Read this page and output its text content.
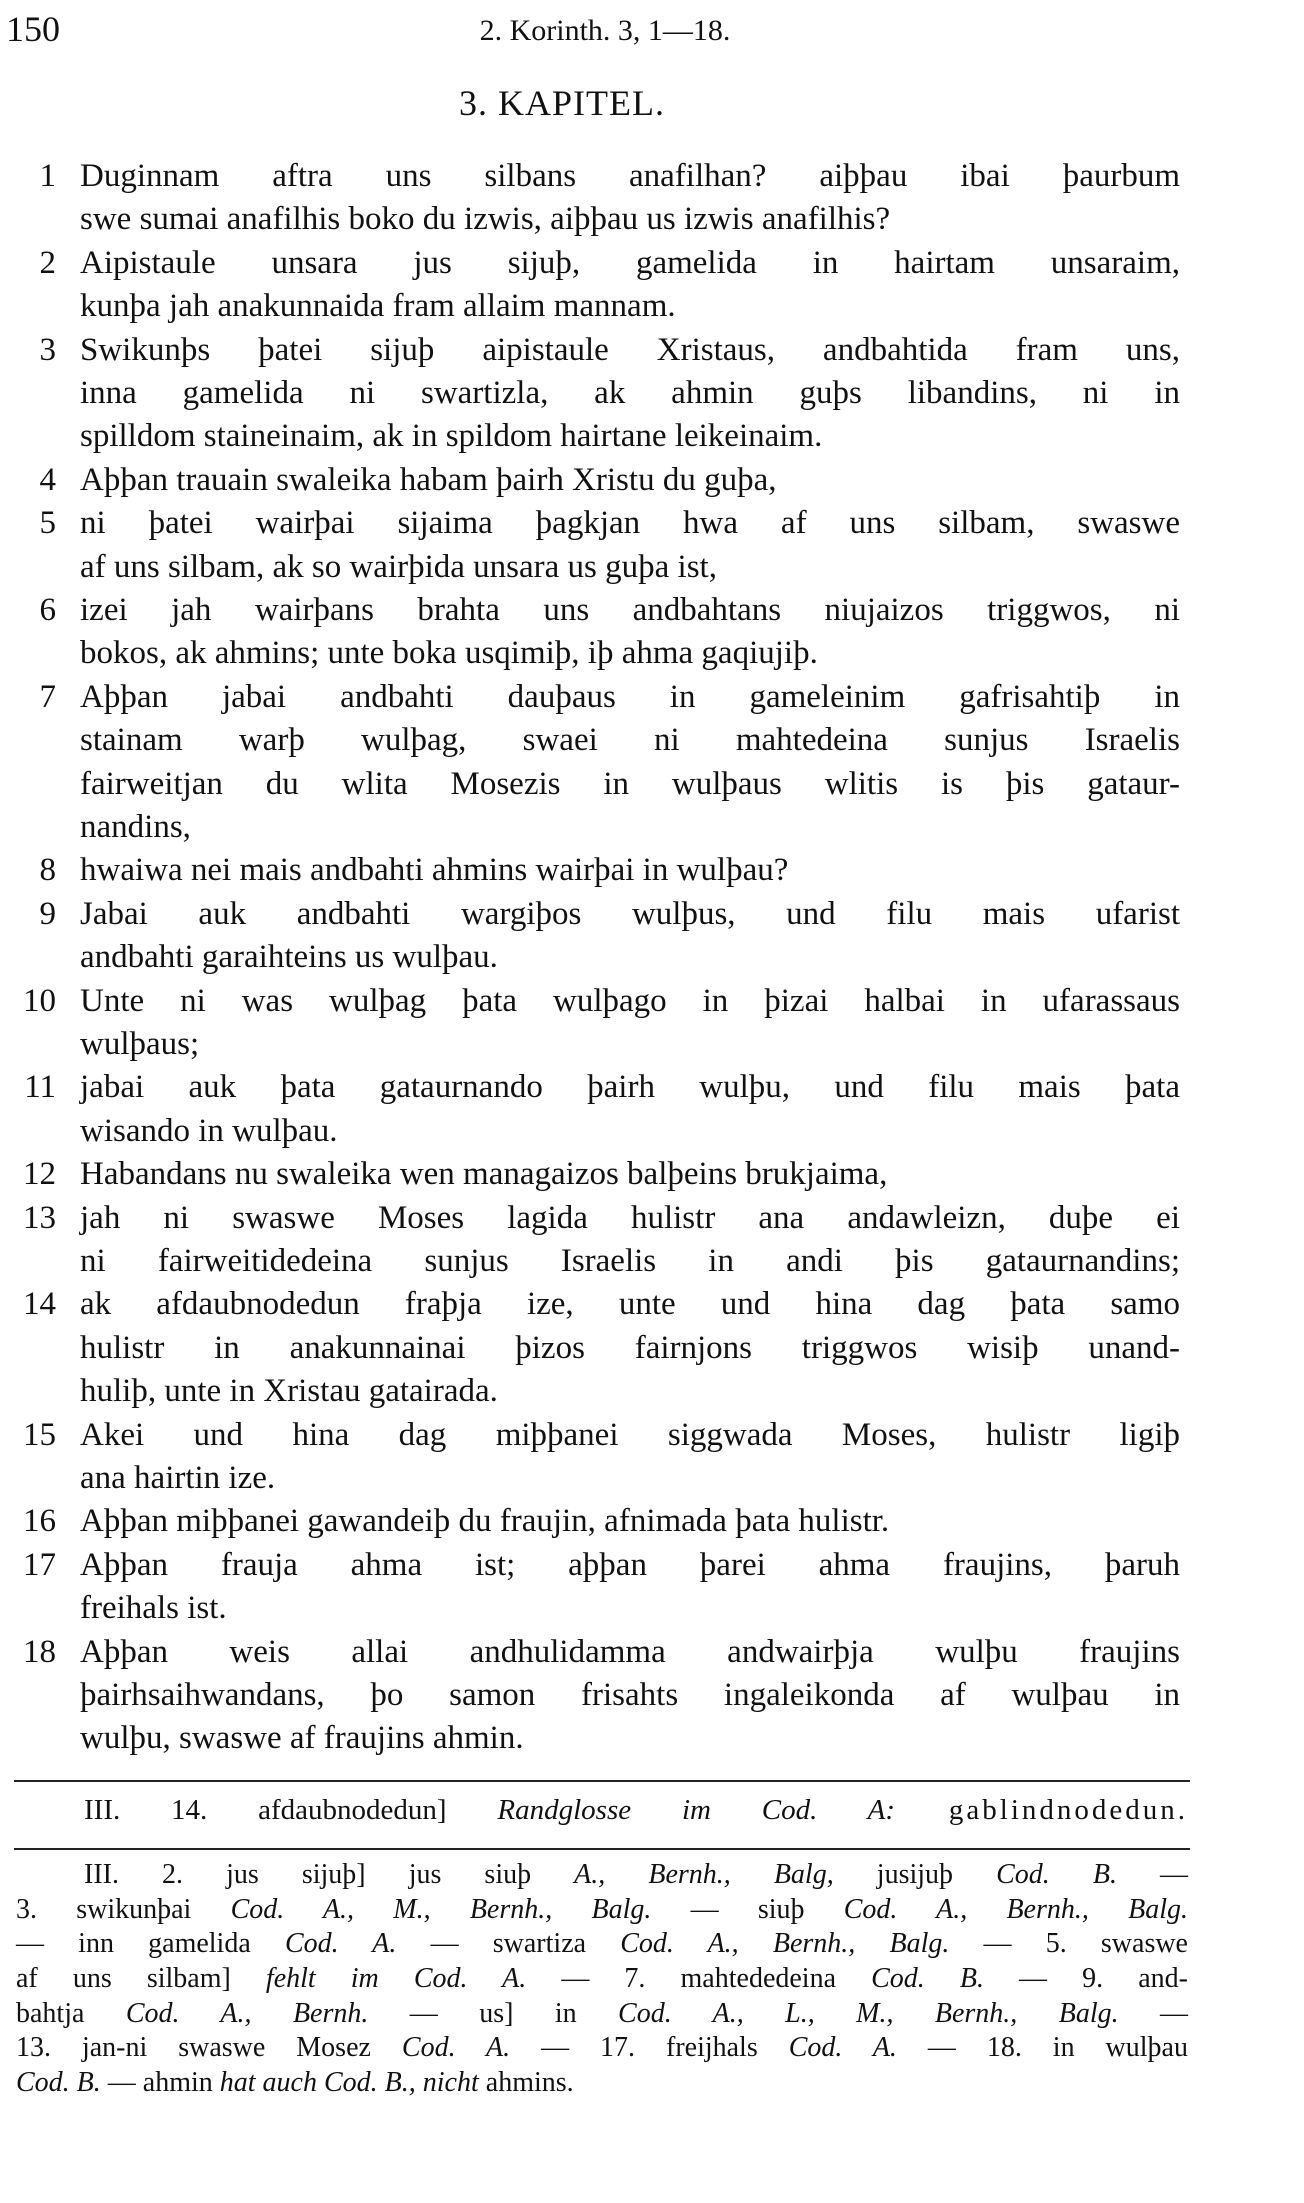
150	2. Korinth. 3, 1—18.
3. KAPITEL.
1 Duginnam aftra uns silbans anafilhan? aiþþau ibai þaurbum
swe sumai anafilhis boko du izwis, aiþþau us izwis anafilhis?
2 Aipistaule unsara jus sijuþ, gamelida in hairtam unsaraim,
kunþa jah anakunnaida fram allaim mannam.
3 Swikunþs þatei sijuþ aipistaule Xristaus, andbahtida fram uns,
inna gamelida ni swartizla, ak ahmin guþs libandins, ni in
spilldom staineinaim, ak in spildom hairtane leikeinaim.
4 Aþþan trauain swaleika habam þairh Xristu du guþa,
5 ni þatei wairþai sijaima þagkjan hwa af uns silbam, swaswe
af uns silbam, ak so wairþida unsara us guþa ist,
6 izei jah wairþans brahta uns andbahtans niujaizos triggwos, ni
bokos, ak ahmins; unte boka usqimiþ, iþ ahma gaqiujiþ.
7 Aþþan jabai andbahti dauþaus in gameleinim gafrisahtiþ in
stainam warþ wulþag, swaei ni mahtedeina sunjus Israelis
fairweitjan du wlita Mosezis in wulþaus wlitis is þis gataur-
nandins,
8 hwaiwa nei mais andbahti ahmins wairþai in wulþau?
9 Jabai auk andbahti wargiþos wulþus, und filu mais ufarist
andbahti garaihteins us wulþau.
10 Unte ni was wulþag þata wulþago in þizai halbai in ufarassaus
wulþaus;
11 jabai auk þata gataurnando þairh wulþu, und filu mais þata
wisando in wulþau.
12 Habandans nu swaleika wen managaizos balþeins brukjaima,
13 jah ni swaswe Moses lagida hulistr ana andawleizn, duþe ei
ni fairweitidedeina sunjus Israelis in andi þis gataurnandins;
14 ak afdaubnodedun fraþja ize, unte und hina dag þata samo
hulistr in anakunnainai þizos fairnjons triggwos wisiþ unand-
huliþ, unte in Xristau gatairada.
15 Akei und hina dag miþþanei siggwada Moses, hulistr ligiþ
ana hairtin ize.
16 Aþþan miþþanei gawandeiþ du fraujin, afnimada þata hulistr.
17 Aþþan frauja ahma ist; aþþan þarei ahma fraujins, þaruh
freihals ist.
18 Aþþan weis allai andhulidamma andwairþja wulþu fraujins
þairhsaihwandans, þo samon frisahts ingaleikonda af wulþau in
wulþu, swaswe af fraujins ahmin.
III. 14. afdaubnodedun] Randglosse im Cod. A: gablindnodedun.
III. 2. jus sijuþ] jus siuþ A., Bernh., Balg, jusijuþ Cod. B. —
3. swikunþai Cod. A., M., Bernh., Balg. — siuþ Cod. A., Bernh., Balg.
— inn gamelida Cod. A. — swartiza Cod. A., Bernh., Balg. — 5. swaswe
af uns silbam] fehlt im Cod. A. — 7. mahtededeina Cod. B. — 9. and-
bahtja Cod. A., Bernh. — us] in Cod. A., L., M., Bernh., Balg. —
13. jan-ni swaswe Mosez Cod. A. — 17. freijhals Cod. A. — 18. in wulþau
Cod. B. — ahmin hat auch Cod. B., nicht ahmins.
